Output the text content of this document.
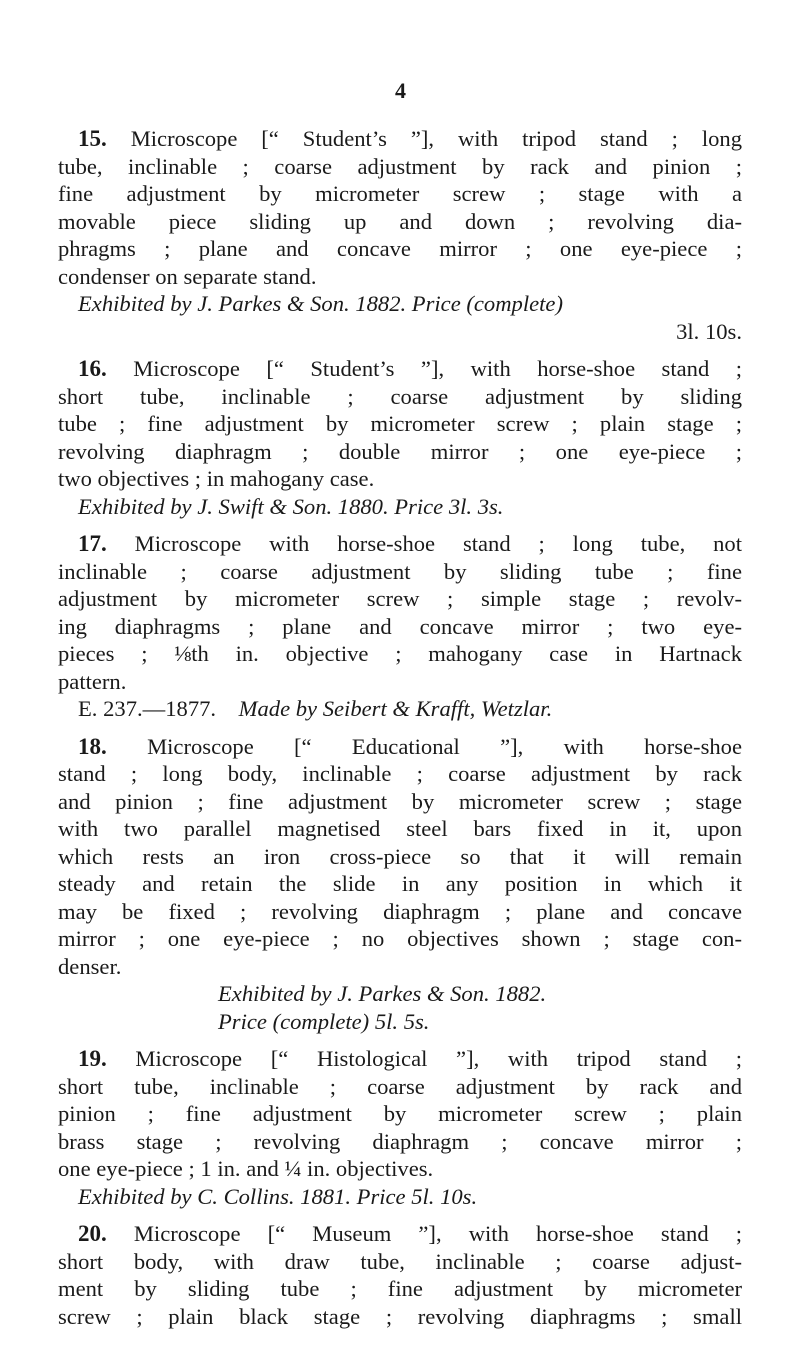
4
15. Microscope [“ Student’s ”], with tripod stand ; long
tube, inclinable ; coarse adjustment by rack and pinion ;
fine adjustment by micrometer screw ; stage with a
movable piece sliding up and down ; revolving dia-
phragms ; plane and concave mirror ; one eye-piece ;
condenser on separate stand.
Exhibited by J. Parkes & Son. 1882. Price (complete)
3l. 10s.
16. Microscope [“ Student’s ”], with horse-shoe stand ;
short tube, inclinable ; coarse adjustment by sliding
tube ; fine adjustment by micrometer screw ; plain stage ;
revolving diaphragm ; double mirror ; one eye-piece ;
two objectives ; in mahogany case.
Exhibited by J. Swift & Son. 1880. Price 3l. 3s.
17. Microscope with horse-shoe stand ; long tube, not
inclinable ; coarse adjustment by sliding tube ; fine
adjustment by micrometer screw ; simple stage ; revolv-
ing diaphragms ; plane and concave mirror ; two eye-
pieces ; ⅛th in. objective ; mahogany case in Hartnack
pattern.
E. 237.—1877. Made by Seibert & Krafft, Wetzlar.
18. Microscope [“ Educational ”], with horse-shoe
stand ; long body, inclinable ; coarse adjustment by rack
and pinion ; fine adjustment by micrometer screw ; stage
with two parallel magnetised steel bars fixed in it, upon
which rests an iron cross-piece so that it will remain
steady and retain the slide in any position in which it
may be fixed ; revolving diaphragm ; plane and concave
mirror ; one eye-piece ; no objectives shown ; stage con-
denser.
Exhibited by J. Parkes & Son. 1882.
Price (complete) 5l. 5s.
19. Microscope [“ Histological ”], with tripod stand ;
short tube, inclinable ; coarse adjustment by rack and
pinion ; fine adjustment by micrometer screw ; plain
brass stage ; revolving diaphragm ; concave mirror ;
one eye-piece ; 1 in. and ¼ in. objectives.
Exhibited by C. Collins. 1881. Price 5l. 10s.
20. Microscope [“ Museum ”], with horse-shoe stand ;
short body, with draw tube, inclinable ; coarse adjust-
ment by sliding tube ; fine adjustment by micrometer
screw ; plain black stage ; revolving diaphragms ; small
